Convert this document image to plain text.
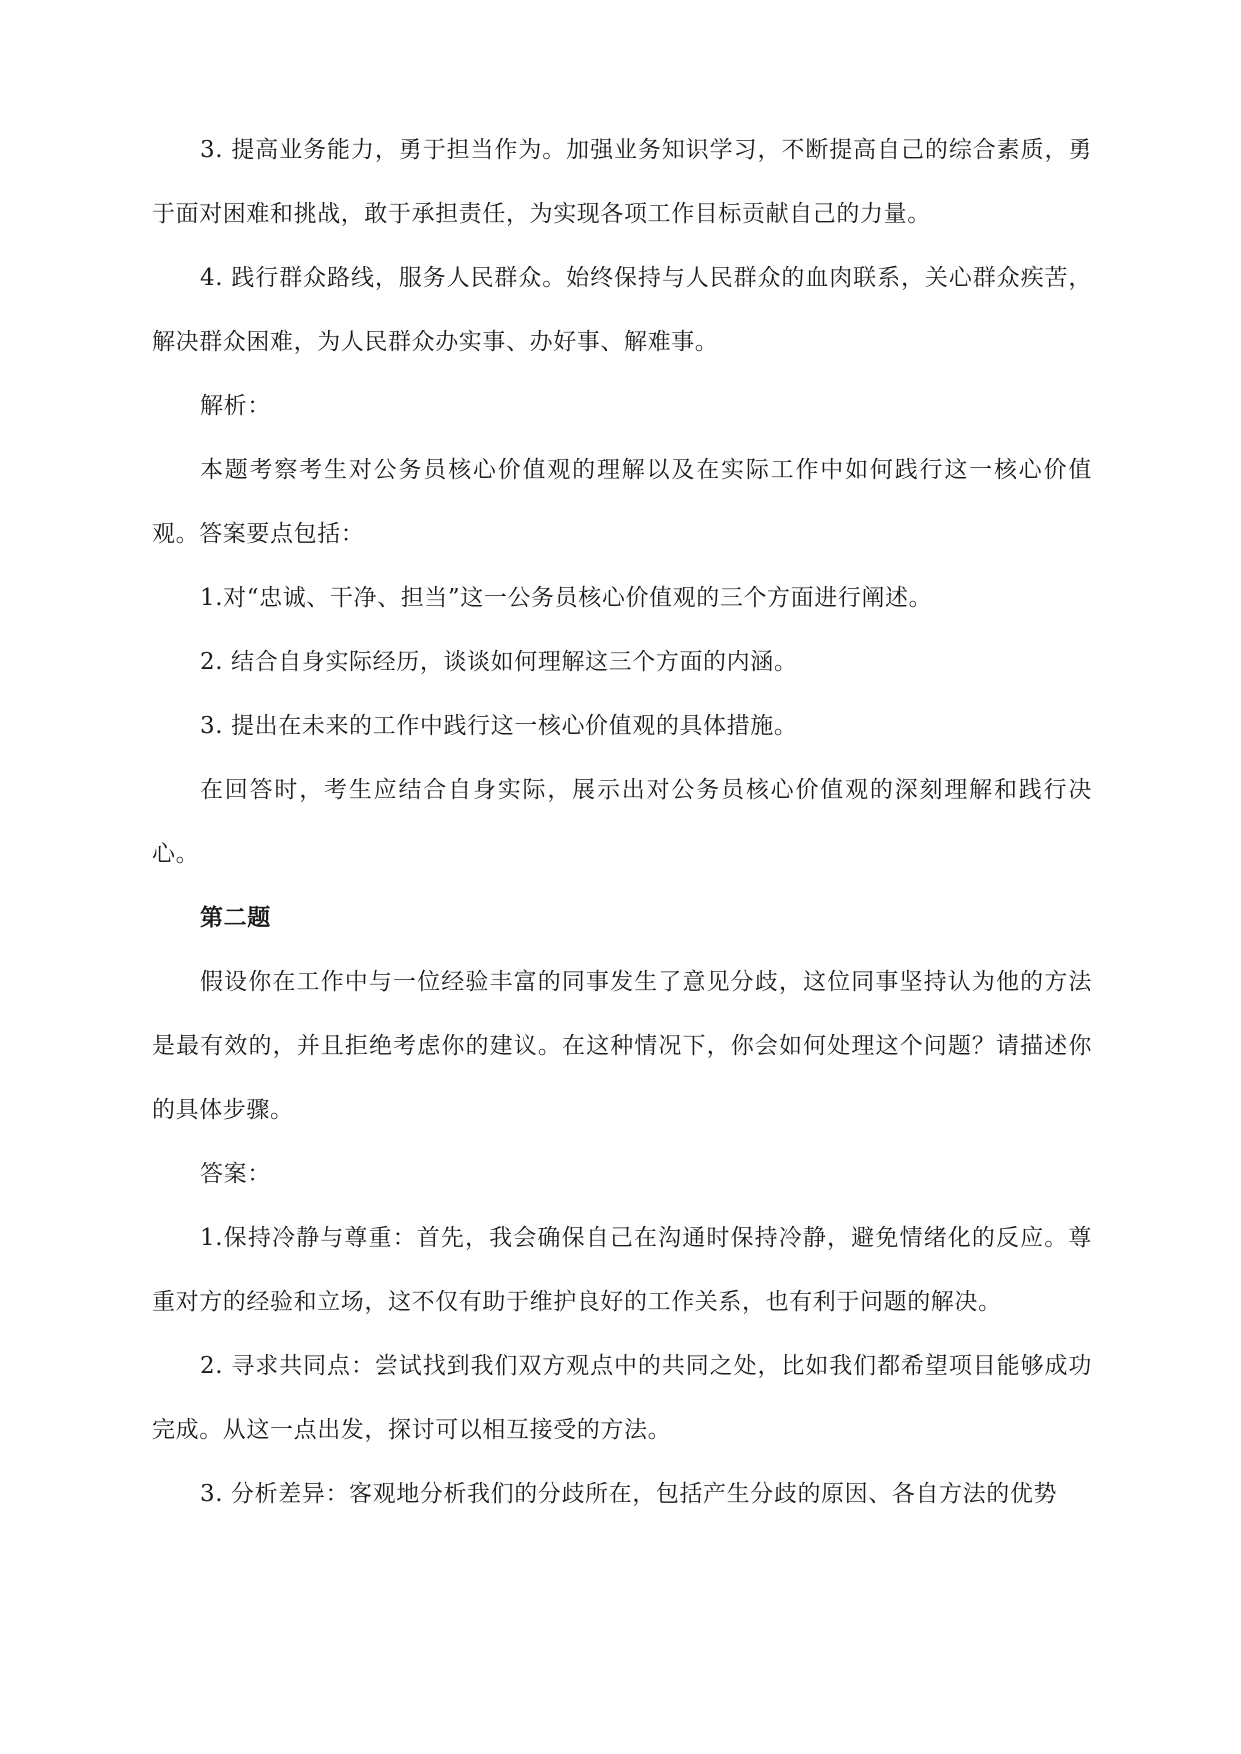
3. 提高业务能力，勇于担当作为。加强业务知识学习，不断提高自己的综合素质，勇于面对困难和挑战，敢于承担责任，为实现各项工作目标贡献自己的力量。

4. 践行群众路线，服务人民群众。始终保持与人民群众的血肉联系，关心群众疾苦，解决群众困难，为人民群众办实事、办好事、解难事。

解析：

本题考察考生对公务员核心价值观的理解以及在实际工作中如何践行这一核心价值观。答案要点包括：

1.对“忠诚、干净、担当”这一公务员核心价值观的三个方面进行阐述。

2. 结合自身实际经历，谈谈如何理解这三个方面的内涵。

3. 提出在未来的工作中践行这一核心价值观的具体措施。

在回答时，考生应结合自身实际，展示出对公务员核心价值观的深刻理解和践行决心。

第二题

假设你在工作中与一位经验丰富的同事发生了意见分歧，这位同事坚持认为他的方法是最有效的，并且拒绝考虑你的建议。在这种情况下，你会如何处理这个问题？请描述你的具体步骤。

答案：

1.保持冷静与尊重：首先，我会确保自己在沟通时保持冷静，避免情绪化的反应。尊重对方的经验和立场，这不仅有助于维护良好的工作关系，也有利于问题的解决。

2. 寻求共同点：尝试找到我们双方观点中的共同之处，比如我们都希望项目能够成功完成。从这一点出发，探讨可以相互接受的方法。

3. 分析差异：客观地分析我们的分歧所在，包括产生分歧的原因、各自方法的优势
